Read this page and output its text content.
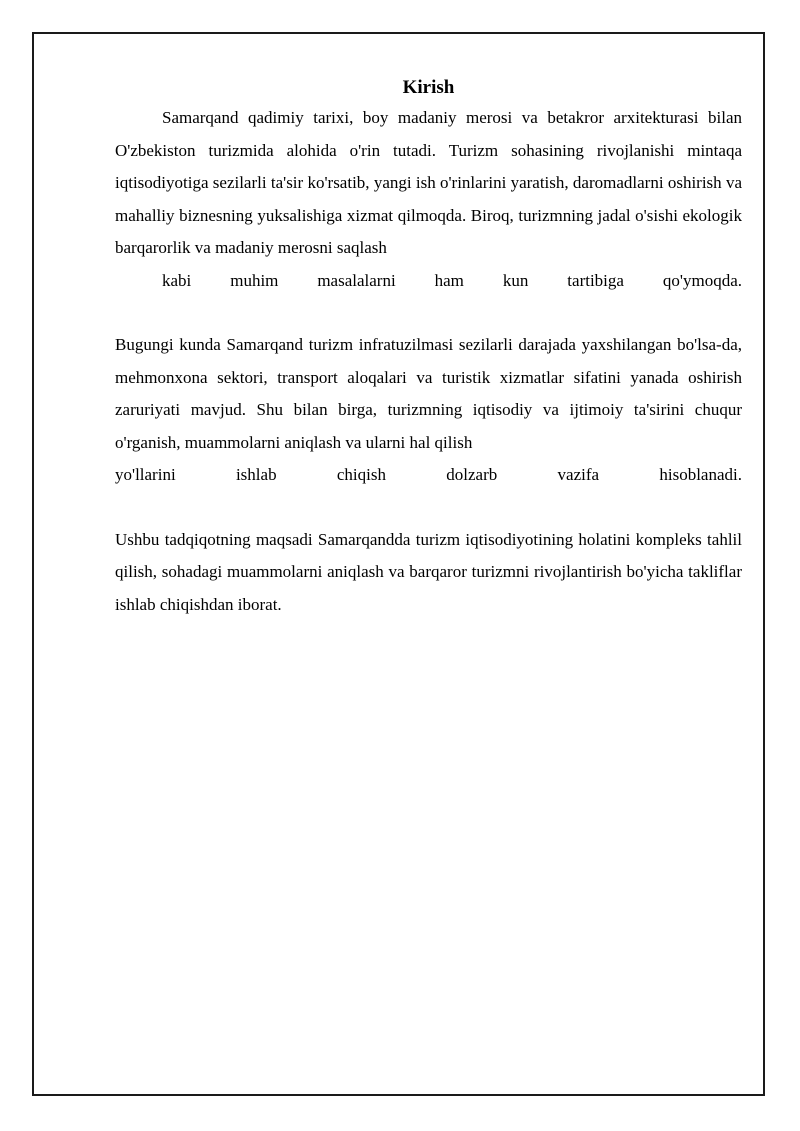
Kirish

Samarqand qadimiy tarixi, boy madaniy merosi va betakror arxitekturasi bilan O'zbekiston turizmida alohida o'rin tutadi. Turizm sohasining rivojlanishi mintaqa iqtisodiyotiga sezilarli ta'sir ko'rsatib, yangi ish o'rinlarini yaratish, daromadlarni oshirish va mahalliy biznesning yuksalishiga xizmat qilmoqda. Biroq, turizmning jadal o'sishi ekologik barqarorlik va madaniy merosni saqlash
kabi muhim masalalarni ham kun tartibiga qo'ymoqda.

Bugungi kunda Samarqand turizm infratuzilmasi sezilarli darajada yaxshilangan bo'lsa-da, mehmonxona sektori, transport aloqalari va turistik xizmatlar sifatini yanada oshirish zaruriyati mavjud. Shu bilan birga, turizmning iqtisodiy va ijtimoiy ta'sirini chuqur o'rganish, muammolarni aniqlash va ularni hal qilish
yo'llarini ishlab chiqish dolzarb vazifa hisoblanadi.

Ushbu tadqiqotning maqsadi Samarqandda turizm iqtisodiyotining holatini kompleks tahlil qilish, sohadagi muammolarni aniqlash va barqaror turizmni rivojlantirish bo'yicha takliflar ishlab chiqishdan iborat.
